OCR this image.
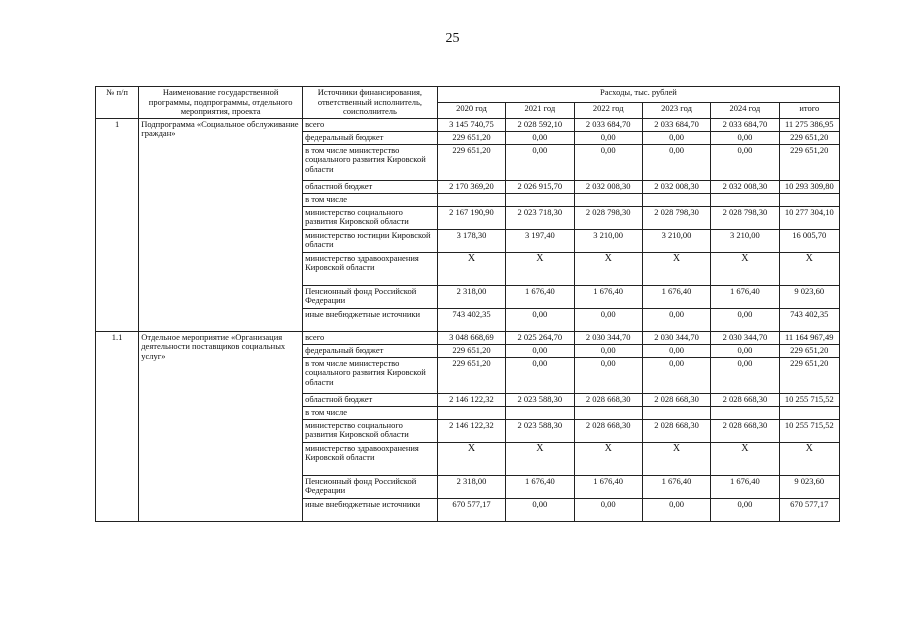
25
№ п/п	Наименование государственной программы, подпрограммы, отдельного мероприятия, проекта	Источники финансирования, ответственный исполнитель, соисполнитель	Расходы, тыс. рублей					
			2020 год	2021 год	2022 год	2023 год	2024 год	итого
1	Подпрограмма «Социальное обслуживание граждан»	всего	3 145 740,75	2 028 592,10	2 033 684,70	2 033 684,70	2 033 684,70	11 275 386,95
		федеральный бюджет	229 651,20	0,00	0,00	0,00	0,00	229 651,20
		в том числе министерство социального развития Кировской области	229 651,20	0,00	0,00	0,00	0,00	229 651,20
		областной бюджет	2 170 369,20	2 026 915,70	2 032 008,30	2 032 008,30	2 032 008,30	10 293 309,80
		в том числе						
		министерство социального развития Кировской области	2 167 190,90	2 023 718,30	2 028 798,30	2 028 798,30	2 028 798,30	10 277 304,10
		министерство юстиции Кировской области	3 178,30	3 197,40	3 210,00	3 210,00	3 210,00	16 005,70
		министерство здравоохранения Кировской области	X	X	X	X	X	X
		Пенсионный фонд Российской Федерации	2 318,00	1 676,40	1 676,40	1 676,40	1 676,40	9 023,60
		иные внебюджетные источники	743 402,35	0,00	0,00	0,00	0,00	743 402,35
1.1	Отдельное мероприятие «Организация деятельности поставщиков социальных услуг»	всего	3 048 668,69	2 025 264,70	2 030 344,70	2 030 344,70	2 030 344,70	11 164 967,49
		федеральный бюджет	229 651,20	0,00	0,00	0,00	0,00	229 651,20
		в том числе министерство социального развития Кировской области	229 651,20	0,00	0,00	0,00	0,00	229 651,20
		областной бюджет	2 146 122,32	2 023 588,30	2 028 668,30	2 028 668,30	2 028 668,30	10 255 715,52
		в том числе						
		министерство социального развития Кировской области	2 146 122,32	2 023 588,30	2 028 668,30	2 028 668,30	2 028 668,30	10 255 715,52
		министерство здравоохранения Кировской области	X	X	X	X	X	X
		Пенсионный фонд Российской Федерации	2 318,00	1 676,40	1 676,40	1 676,40	1 676,40	9 023,60
		иные внебюджетные источники	670 577,17	0,00	0,00	0,00	0,00	670 577,17
